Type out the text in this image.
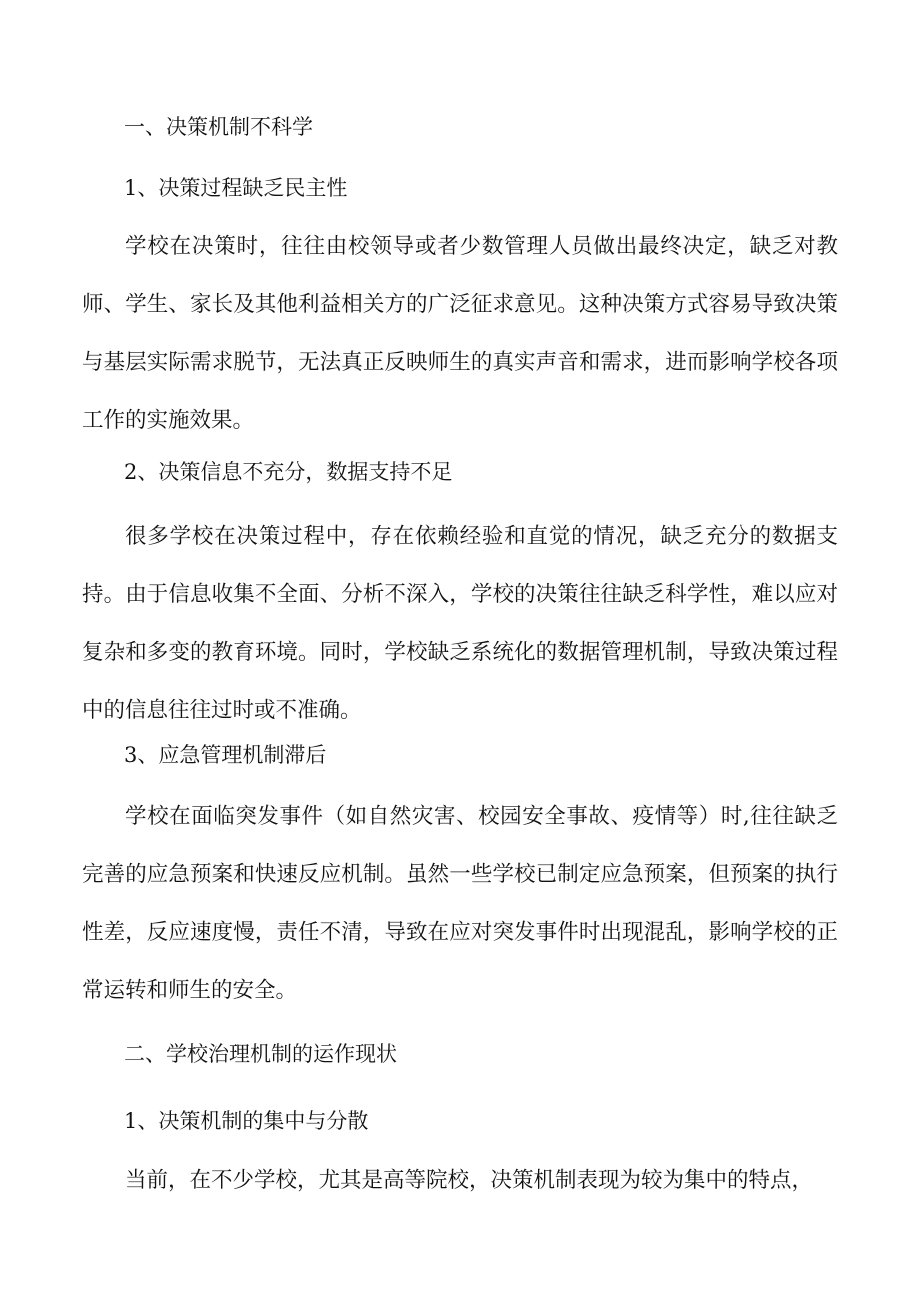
一、决策机制不科学
1、决策过程缺乏民主性

学校在决策时，往往由校领导或者少数管理人员做出最终决定，缺乏对教师、学生、家长及其他利益相关方的广泛征求意见。这种决策方式容易导致决策与基层实际需求脱节，无法真正反映师生的真实声音和需求，进而影响学校各项工作的实施效果。

2、决策信息不充分，数据支持不足

很多学校在决策过程中，存在依赖经验和直觉的情况，缺乏充分的数据支持。由于信息收集不全面、分析不深入，学校的决策往往缺乏科学性，难以应对复杂和多变的教育环境。同时，学校缺乏系统化的数据管理机制，导致决策过程中的信息往往过时或不准确。

3、应急管理机制滞后

学校在面临突发事件（如自然灾害、校园安全事故、疫情等）时,往往缺乏完善的应急预案和快速反应机制。虽然一些学校已制定应急预案，但预案的执行性差，反应速度慢，责任不清，导致在应对突发事件时出现混乱，影响学校的正常运转和师生的安全。

二、学校治理机制的运作现状
1、决策机制的集中与分散

当前，在不少学校，尤其是高等院校，决策机制表现为较为集中的特点，
